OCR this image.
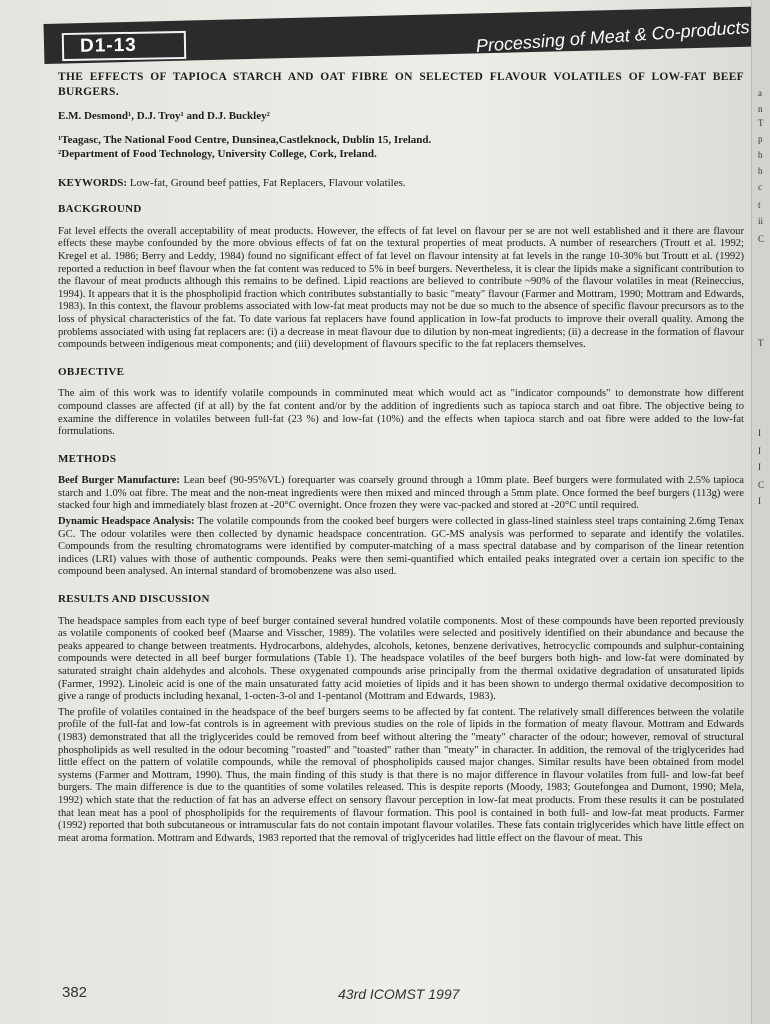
D1-13	Processing of Meat & Co-products
a
n
T
p
b
b
c
t
ii
C
T
I
I
I
C
I
THE EFFECTS OF TAPIOCA STARCH AND OAT FIBRE ON SELECTED FLAVOUR VOLATILES OF LOW-FAT BEEF BURGERS.
E.M. Desmond¹, D.J. Troy¹ and D.J. Buckley²
¹Teagasc, The National Food Centre, Dunsinea,Castleknock, Dublin 15, Ireland.
²Department of Food Technology, University College, Cork, Ireland.
KEYWORDS: Low-fat, Ground beef patties, Fat Replacers, Flavour volatiles.
BACKGROUND

Fat level effects the overall acceptability of meat products. However, the effects of fat level on flavour per se are not well established and it there are flavour effects these maybe confounded by the more obvious effects of fat on the textural properties of meat products. A number of researchers (Troutt et al. 1992; Kregel et al. 1986; Berry and Leddy, 1984) found no significant effect of fat level on flavour intensity at fat levels in the range 10-30% but Troutt et al. (1992) reported a reduction in beef flavour when the fat content was reduced to 5% in beef burgers. Nevertheless, it is clear the lipids make a significant contribution to the flavour of meat products although this remains to be defined. Lipid reactions are believed to contribute ~90% of the flavour volatiles in meat (Reineccius, 1994). It appears that it is the phospholipid fraction which contributes substantially to basic "meaty" flavour (Farmer and Mottram, 1990; Mottram and Edwards, 1983). In this context, the flavour problems associated with low-fat meat products may not be due so much to the absence of specific flavour precursors as to the loss of physical characteristics of the fat. To date various fat replacers have found application in low-fat products to improve their overall quality. Among the problems associated with using fat replacers are: (i) a decrease in meat flavour due to dilution by non-meat ingredients; (ii) a decrease in the formation of flavour compounds between indigenous meat components; and (iii) development of flavours specific to the fat replacers themselves.

OBJECTIVE

The aim of this work was to identify volatile compounds in comminuted meat which would act as "indicator compounds" to demonstrate how different compound classes are affected (if at all) by the fat content and/or by the addition of ingredients such as tapioca starch and oat fibre. The objective being to examine the difference in volatiles between full-fat (23 %) and low-fat (10%) and the effects when tapioca starch and oat fibre were added to the low-fat formulations.

METHODS

Beef Burger Manufacture: Lean beef (90-95%VL) forequarter was coarsely ground through a 10mm plate. Beef burgers were formulated with 2.5% tapioca starch and 1.0% oat fibre. The meat and the non-meat ingredients were then mixed and minced through a 5mm plate. Once formed the beef burgers (113g) were stacked four high and immediately blast frozen at -20°C overnight. Once frozen they were vac-packed and stored at -20°C until required.

Dynamic Headspace Analysis: The volatile compounds from the cooked beef burgers were collected in glass-lined stainless steel traps containing 2.6mg Tenax GC. The odour volatiles were then collected by dynamic headspace concentration. GC-MS analysis was performed to separate and identify the volatiles. Compounds from the resulting chromatograms were identified by computer-matching of a mass spectral database and by comparison of the linear retention indices (LRI) values with those of authentic compounds. Peaks were then semi-quantified which entailed peaks integrated over a certain ion specific to the compound been analysed. An internal standard of bromobenzene was also used.

RESULTS AND DISCUSSION

The headspace samples from each type of beef burger contained several hundred volatile components. Most of these compounds have been reported previously as volatile components of cooked beef (Maarse and Visscher, 1989). The volatiles were selected and positively identified on their abundance and because the peaks appeared to change between treatments. Hydrocarbons, aldehydes, alcohols, ketones, benzene derivatives, hetrocyclic compounds and sulphur-containing compounds were detected in all beef burger formulations (Table 1). The headspace volatiles of the beef burgers both high- and low-fat were dominated by saturated straight chain aldehydes and alcohols. These oxygenated compounds arise principally from the thermal oxidative degradation of unsaturated lipids (Farmer, 1992). Linoleic acid is one of the main unsaturated fatty acid moieties of lipids and it has been shown to undergo thermal oxidative decomposition to give a range of products including hexanal, 1-octen-3-ol and 1-pentanol (Mottram and Edwards, 1983).

The profile of volatiles contained in the headspace of the beef burgers seems to be affected by fat content. The relatively small differences between the volatile profile of the full-fat and low-fat controls is in agreement with previous studies on the role of lipids in the formation of meaty flavour. Mottram and Edwards (1983) demonstrated that all the triglycerides could be removed from beef without altering the "meaty" character of the odour; however, removal of structural phospholipids as well resulted in the odour becoming "roasted" and "toasted" rather than "meaty" in character. In addition, the removal of the triglycerides had little effect on the pattern of volatile compounds, while the removal of phospholipids caused major changes. Similar results have been obtained from model systems (Farmer and Mottram, 1990). Thus, the main finding of this study is that there is no major difference in flavour volatiles from full- and low-fat beef burgers. The main difference is due to the quantities of some volatiles released. This is despite reports (Moody, 1983; Goutefongea and Dumont, 1990; Mela, 1992) which state that the reduction of fat has an adverse effect on sensory flavour perception in low-fat meat products. From these results it can be postulated that lean meat has a pool of phospholipids for the requirements of flavour formation. This pool is contained in both full- and low-fat meat products. Farmer (1992) reported that both subcutaneous or intramuscular fats do not contain impotant flavour volatiles. These fats contain triglycerides which have little effect on meat aroma formation. Mottram and Edwards, 1983 reported that the removal of triglycerides had little effect on the flavour of meat. This

382	43rd ICOMST 1997
